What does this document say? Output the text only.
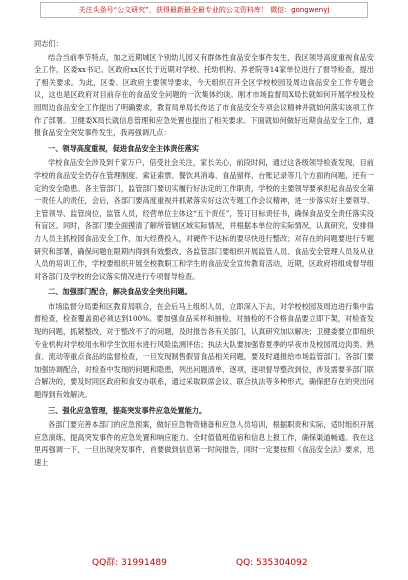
关注头条号“公文研究”，获得最新最全最专业的公文资料库！ 微信：gongwenyj

同志们：

结合当前季节特点，加之近期城区个别幼儿园又有群体性食品安全事件发生，我区领导高度重视食品安全工作，区委xx书记、区政府xx区长于近期对学校、托幼机构、养老院等14家单位进行了督导检查，提出了相关要求。为此，区委、区政府主要领导要求，今天组织召开全区学校校园及周边食品安全工作专题会议，这也是区政府对目前存在的食品安全问题的一次集体约谈。刚才市场监督局X局长就如何开展学校及校园周边食品安全工作提出了明确要求，教育局单局长传达了市食品安全专项会议精神并就如何落实该项工作作了部署。卫健委X局长就信息管理和应急处置也提出了相关要求。下面就如何做好近期食品安全工作，通报食品安全突发事件发生，我再强调几点：

一、领导高度重视，促进食品安全主体责任落实

学校食品安全涉及到千家万户，倍受社会关注，家长关心，前段时间，通过这各级领导检查发现，目前学校的食品安全仍存在管理制度、索证索票、餐饮具消毒、食品留样、台账记录等几个方面的问题，还有一定的安全隐患。各主管部门，监管部门要切实履行好法定的工作职责，学校的主要领导要承担起食品安全第一责任人的责任，会后，各部门要高度重视并抓紧落实好这次专题工作会议精神，进一步落实好主要领导、主管领导、监管岗位，监管人员，经营单位主体这“五个责任”，签订目标责任书，确保食品安全责任落实没有盲区。同时，各部门要全面摸清了解所管辖区域实际情况，并根据本单位的实际情况，认真研究，安排得力人员主抓校园食品安全工作，加大经费投入，对硬件不达标的要尽快进行整改；对存在的问题要进行专题研究和部署，确保问题在限期内得到有效整改。各监管部门要组织开展监管人员、食品安全管理人员及从业人员的培训工作，学校要组织开展全校教职工和学生的食品安全宣传教育活动，近期，区政府将组成督导组对各部门及学校的会议落实情况进行专项督导检查。

二、加强部门配合，解决食品安全突出问题。

市场监督分局要和区教育局联合，在会后马上组织人员，立即深入下去，对学校校园及周边进行集中监督检查，检查覆盖面必须达到100%。要加强食品采样和抽检，对抽检的不合格食品要立即下架，对检查发现的问题，抓紧整改，对于整改不了的问题，及时报告各有关部门，认真研究加以解决；卫健委要立即组织专业机构对学校用水和学生饮用水进行风险监测评估；执法大队要加强春夏季的早夜市及校园周边肉类、熟食、流动等重点食品的监督检查，一旦发现制售假冒食品相关问题，要及时通报给市场监管部门。各部门要加强协调配合，对检查中发现的问题和隐患，列出问题清单，逐项、逐项督导整改到位，涉及需要多部门联合解决的，要及时同区政府和食安办联系，通过采取联席会议、联合执法等多种形式，确保把存在的突出问题得到有效解决。

三、强化应急管理，提高突发事件应急处置能力。

各部门要完善本部门的应急预案，做好应急物资储备和应急人员培训，根据职责和实际，适时组织开展应急演练，提高突发事件的应急处置和响应能力。全时值值班值宿和信息上报工作，确保渠道畅通。我在这里再强调一下，一旦出现突发事件，首要做到信息第一时间报告，同时一定要按照《食品安全法》要求，迅速上

QQ群: 31991489	QQ: 535304092
